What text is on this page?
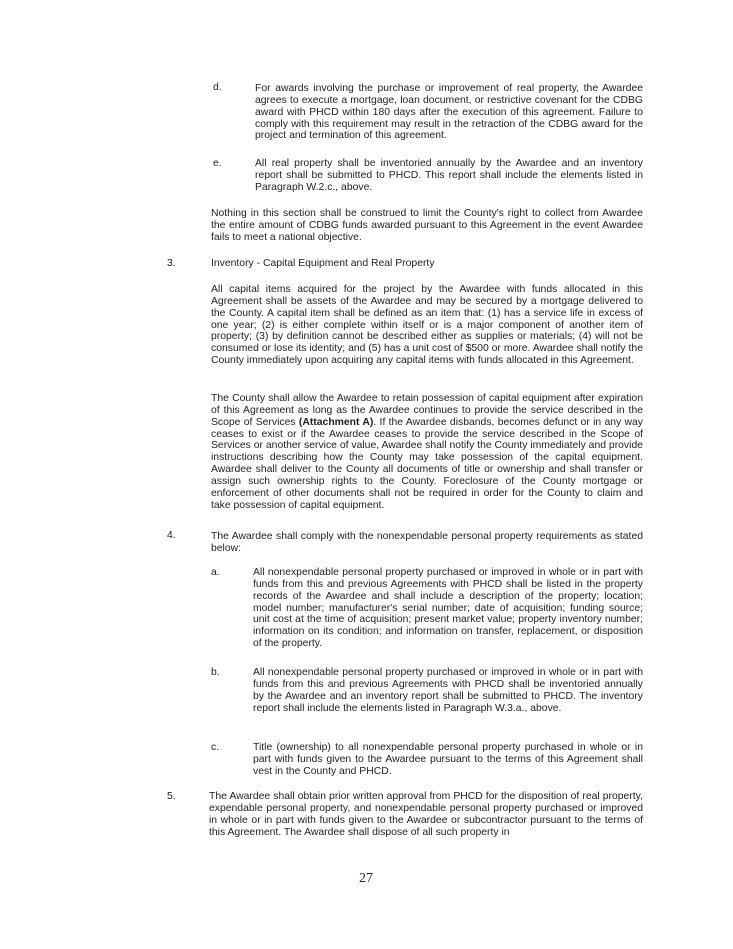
d.	For awards involving the purchase or improvement of real property, the Awardee agrees to execute a mortgage, loan document, or restrictive covenant for the CDBG award with PHCD within 180 days after the execution of this agreement. Failure to comply with this requirement may result in the retraction of the CDBG award for the project and termination of this agreement.
e.	All real property shall be inventoried annually by the Awardee and an inventory report shall be submitted to PHCD. This report shall include the elements listed in Paragraph W.2.c., above.
Nothing in this section shall be construed to limit the County's right to collect from Awardee the entire amount of CDBG funds awarded pursuant to this Agreement in the event Awardee fails to meet a national objective.
3.	Inventory - Capital Equipment and Real Property
All capital items acquired for the project by the Awardee with funds allocated in this Agreement shall be assets of the Awardee and may be secured by a mortgage delivered to the County. A capital item shall be defined as an item that: (1) has a service life in excess of one year; (2) is either complete within itself or is a major component of another item of property; (3) by definition cannot be described either as supplies or materials; (4) will not be consumed or lose its identity; and (5) has a unit cost of $500 or more. Awardee shall notify the County immediately upon acquiring any capital items with funds allocated in this Agreement.
The County shall allow the Awardee to retain possession of capital equipment after expiration of this Agreement as long as the Awardee continues to provide the service described in the Scope of Services (Attachment A). If the Awardee disbands, becomes defunct or in any way ceases to exist or if the Awardee ceases to provide the service described in the Scope of Services or another service of value, Awardee shall notify the County immediately and provide instructions describing how the County may take possession of the capital equipment. Awardee shall deliver to the County all documents of title or ownership and shall transfer or assign such ownership rights to the County. Foreclosure of the County mortgage or enforcement of other documents shall not be required in order for the County to claim and take possession of capital equipment.
4.	The Awardee shall comply with the nonexpendable personal property requirements as stated below:
a.	All nonexpendable personal property purchased or improved in whole or in part with funds from this and previous Agreements with PHCD shall be listed in the property records of the Awardee and shall include a description of the property; location; model number; manufacturer's serial number; date of acquisition; funding source; unit cost at the time of acquisition; present market value; property inventory number; information on its condition; and information on transfer, replacement, or disposition of the property.
b.	All nonexpendable personal property purchased or improved in whole or in part with funds from this and previous Agreements with PHCD shall be inventoried annually by the Awardee and an inventory report shall be submitted to PHCD. The inventory report shall include the elements listed in Paragraph W.3.a., above.
c.	Title (ownership) to all nonexpendable personal property purchased in whole or in part with funds given to the Awardee pursuant to the terms of this Agreement shall vest in the County and PHCD.
5.	The Awardee shall obtain prior written approval from PHCD for the disposition of real property, expendable personal property, and nonexpendable personal property purchased or improved in whole or in part with funds given to the Awardee or subcontractor pursuant to the terms of this Agreement. The Awardee shall dispose of all such property in
27
